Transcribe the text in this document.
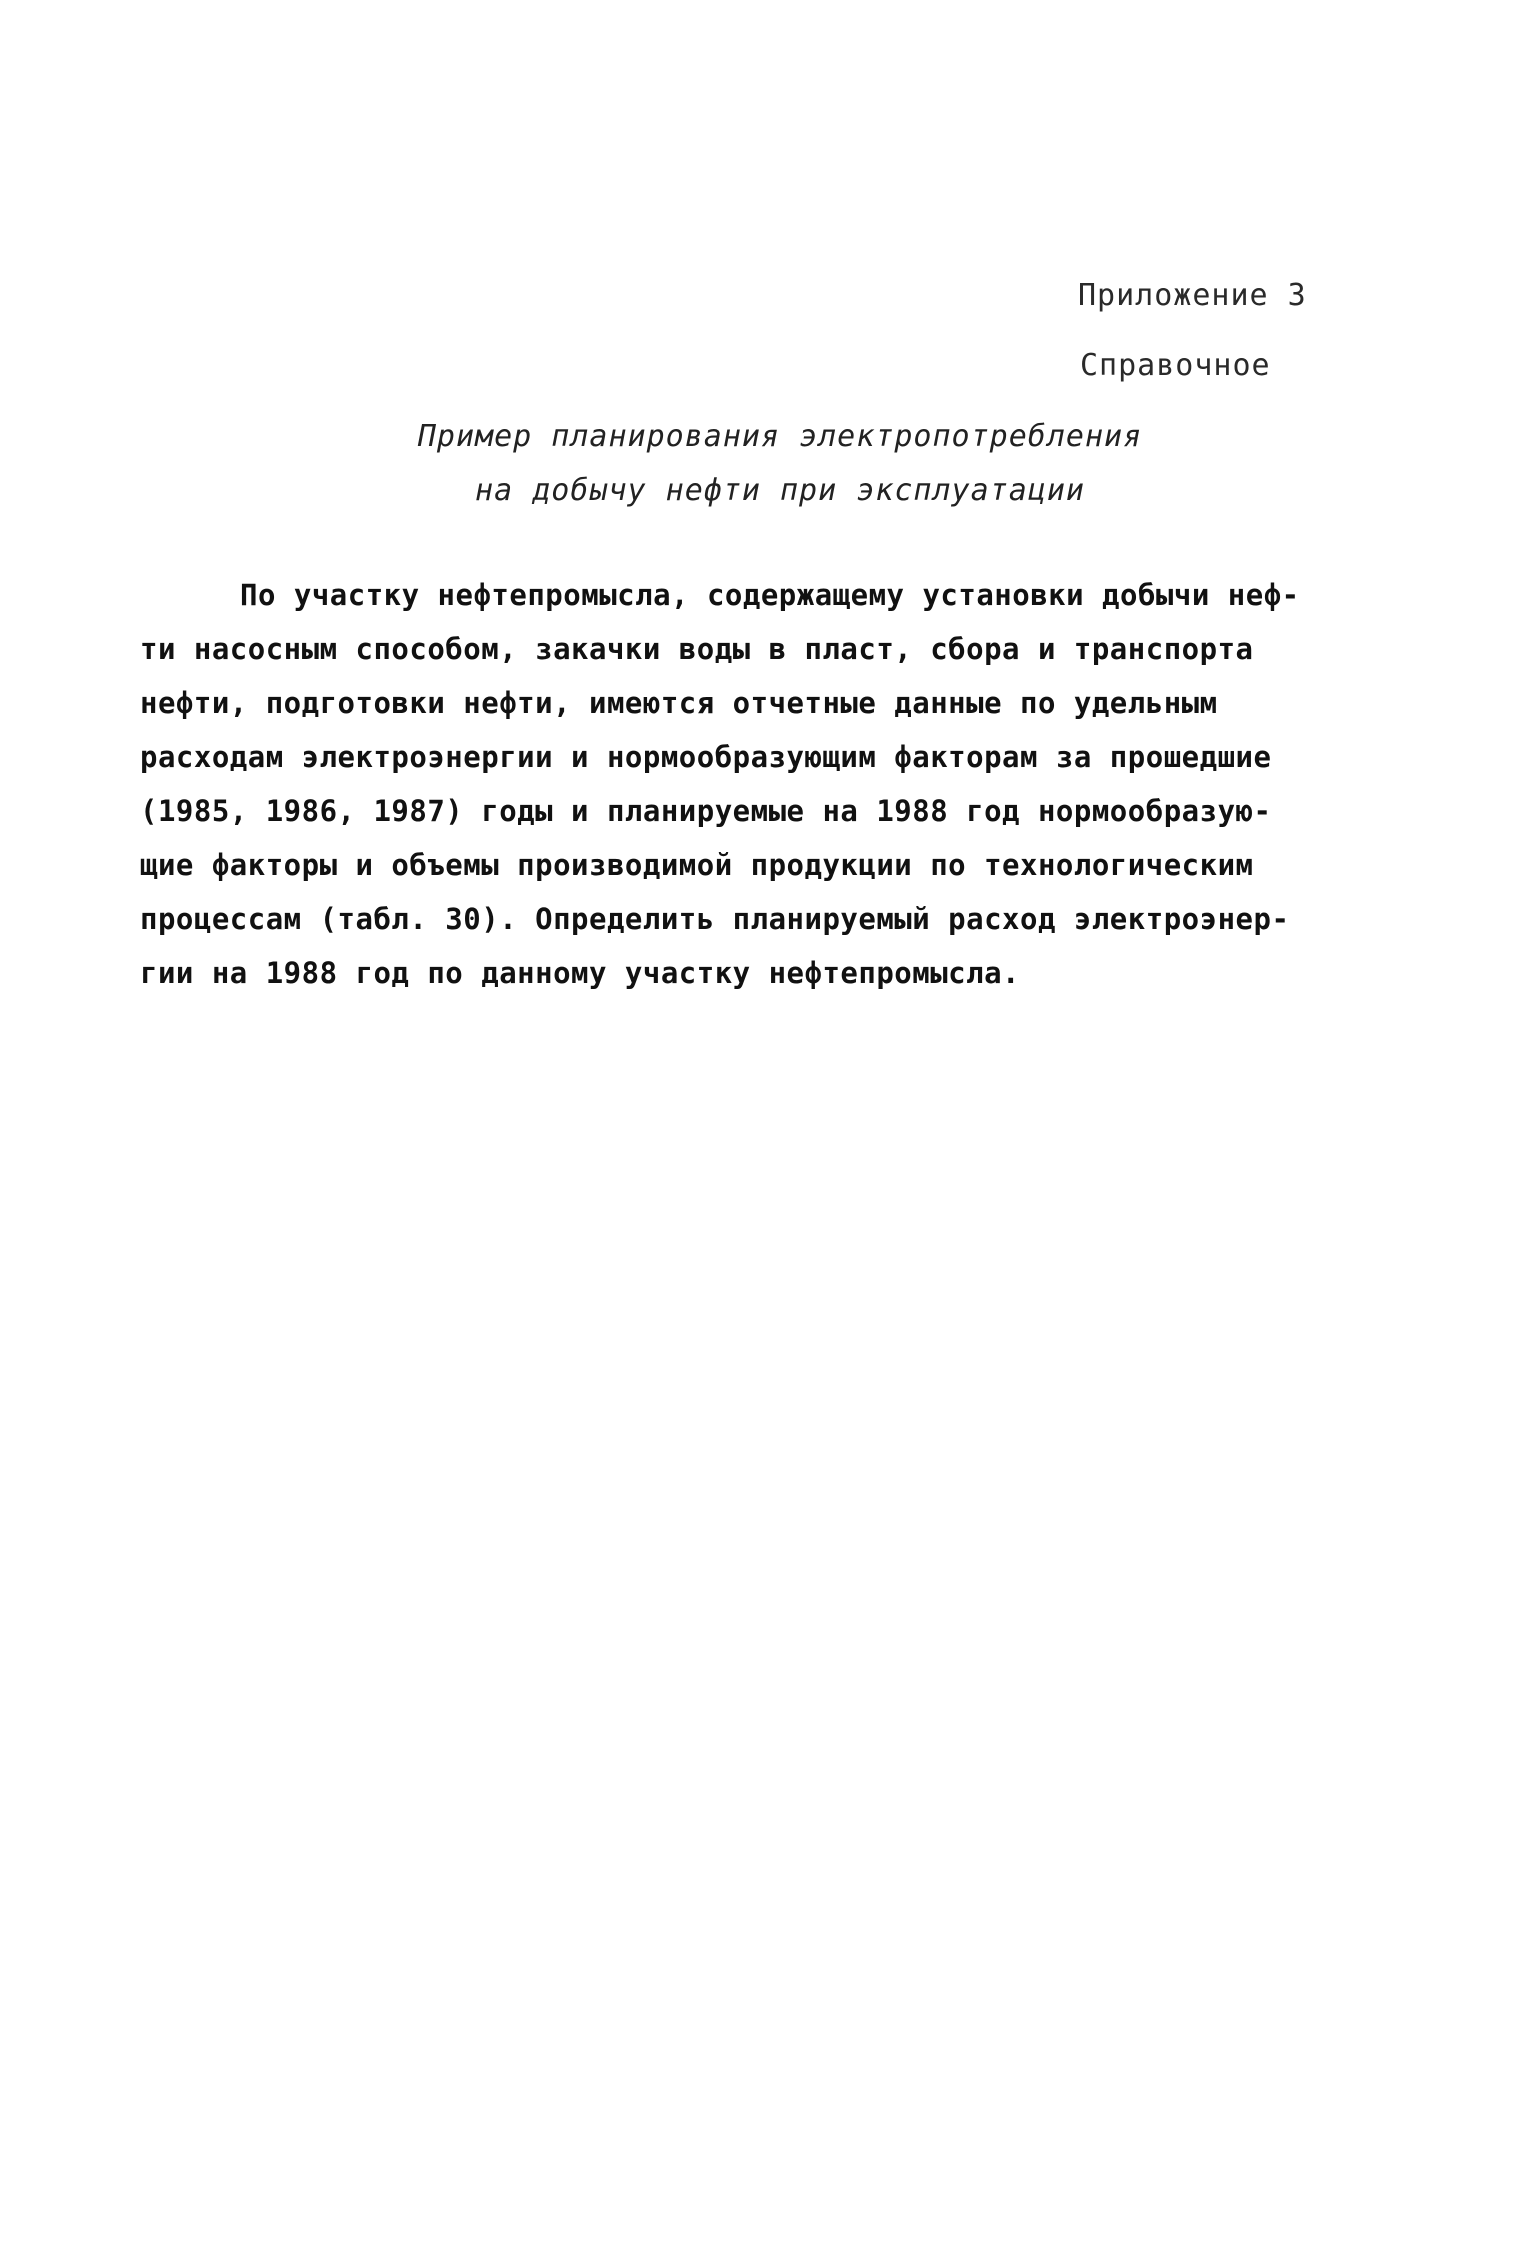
Приложение 3
Справочное
Пример планирования электропотребления
на добычу нефти при эксплуатации
По участку нефтепромысла, содержащему установки добычи неф-
ти насосным способом, закачки воды в пласт, сбора и транспорта
нефти, подготовки нефти, имеются отчетные данные по удельным
расходам электроэнергии и нормообразующим факторам за прошедшие
(1985, 1986, 1987) годы и планируемые на 1988 год нормообразую-
щие факторы и объемы производимой продукции по технологическим
процессам (табл. 30). Определить планируемый расход электроэнер-
гии на 1988 год по данному участку нефтепромысла.
